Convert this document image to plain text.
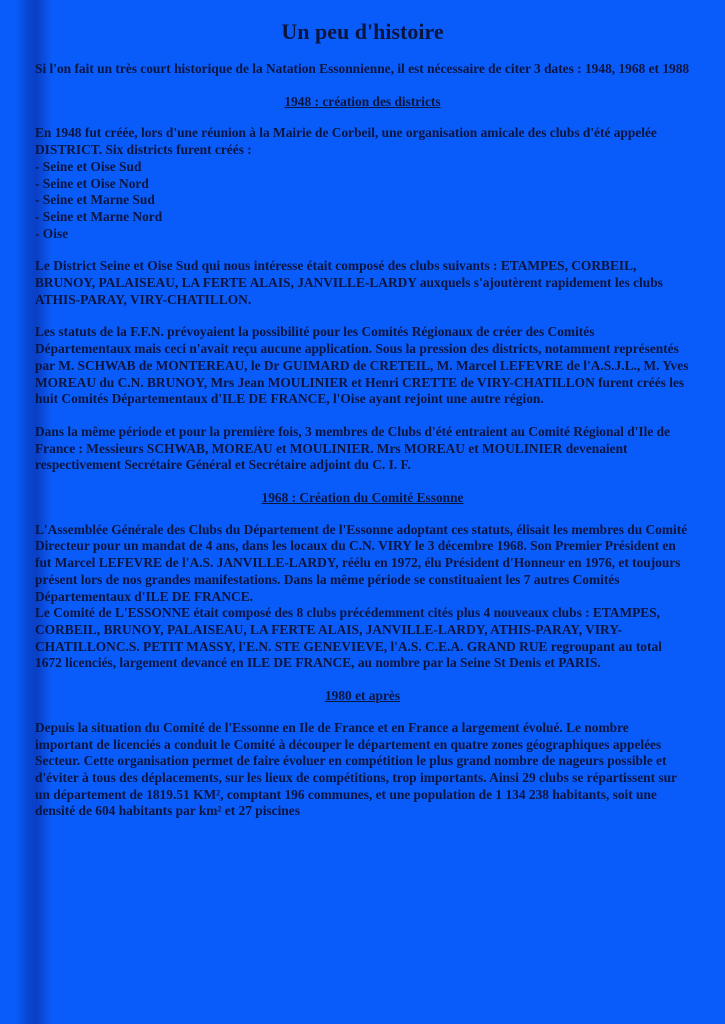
Un peu d'histoire

Si l'on fait un très court historique de la Natation Essonnienne, il est nécessaire de citer 3 dates : 1948, 1968 et 1988

1948 : création des districts

En 1948 fut créée, lors d'une réunion à la Mairie de Corbeil, une organisation amicale des clubs d'été appelée DISTRICT. Six districts furent créés :
- Seine et Oise Sud
- Seine et Oise Nord
- Seine et Marne Sud
- Seine et Marne Nord
- Oise

Le District Seine et Oise Sud qui nous intéresse était composé des clubs suivants : ETAMPES, CORBEIL, BRUNOY, PALAISEAU, LA FERTE ALAIS, JANVILLE-LARDY auxquels s'ajoutèrent rapidement les clubs ATHIS-PARAY, VIRY-CHATILLON.

Les statuts de la F.F.N. prévoyaient la possibilité pour les Comités Régionaux de créer des Comités Départementaux mais ceci n'avait reçu aucune application. Sous la pression des districts, notamment représentés par M. SCHWAB de MONTEREAU, le Dr GUIMARD de CRETEIL, M. Marcel LEFEVRE de l'A.S.J.L., M. Yves MOREAU du C.N. BRUNOY, Mrs Jean MOULINIER et Henri CRETTE de VIRY-CHATILLON furent créés les huit Comités Départementaux d'ILE DE FRANCE, l'Oise ayant rejoint une autre région.

Dans la même période et pour la première fois, 3 membres de Clubs d'été entraient au Comité Régional d'Ile de France : Messieurs SCHWAB, MOREAU et MOULINIER. Mrs MOREAU et MOULINIER devenaient respectivement Secrétaire Général et Secrétaire adjoint du C. I. F.

1968 : Création du Comité Essonne

L'Assemblée Générale des Clubs du Département de l'Essonne adoptant ces statuts, élisait les membres du Comité Directeur pour un mandat de 4 ans, dans les locaux du C.N. VIRY le 3 décembre 1968. Son Premier Président en fut Marcel LEFEVRE de l'A.S. JANVILLE-LARDY, réélu en 1972, élu Président d'Honneur en 1976, et toujours présent lors de nos grandes manifestations. Dans la même période se constituaient les 7 autres Comités Départementaux d'ILE DE FRANCE.
Le Comité de L'ESSONNE était composé des 8 clubs précédemment cités plus 4 nouveaux clubs : ETAMPES, CORBEIL, BRUNOY, PALAISEAU, LA FERTE ALAIS, JANVILLE-LARDY, ATHIS-PARAY, VIRY-CHATILLONC.S. PETIT MASSY, l'E.N. STE GENEVIEVE, l'A.S. C.E.A. GRAND RUE regroupant au total 1672 licenciés, largement devancé en ILE DE FRANCE, au nombre par la Seine St Denis et PARIS.

1980 et après

Depuis la situation du Comité de l'Essonne en Ile de France et en France a largement évolué. Le nombre important de licenciés a conduit le Comité à découper le département en quatre zones géographiques appelées Secteur. Cette organisation permet de faire évoluer en compétition le plus grand nombre de nageurs possible et d'éviter à tous des déplacements, sur les lieux de compétitions, trop importants. Ainsi 29 clubs se répartissent sur un département de 1819.51 KM², comptant 196 communes, et une population de 1 134 238 habitants, soit une densité de 604 habitants par km² et 27 piscines
